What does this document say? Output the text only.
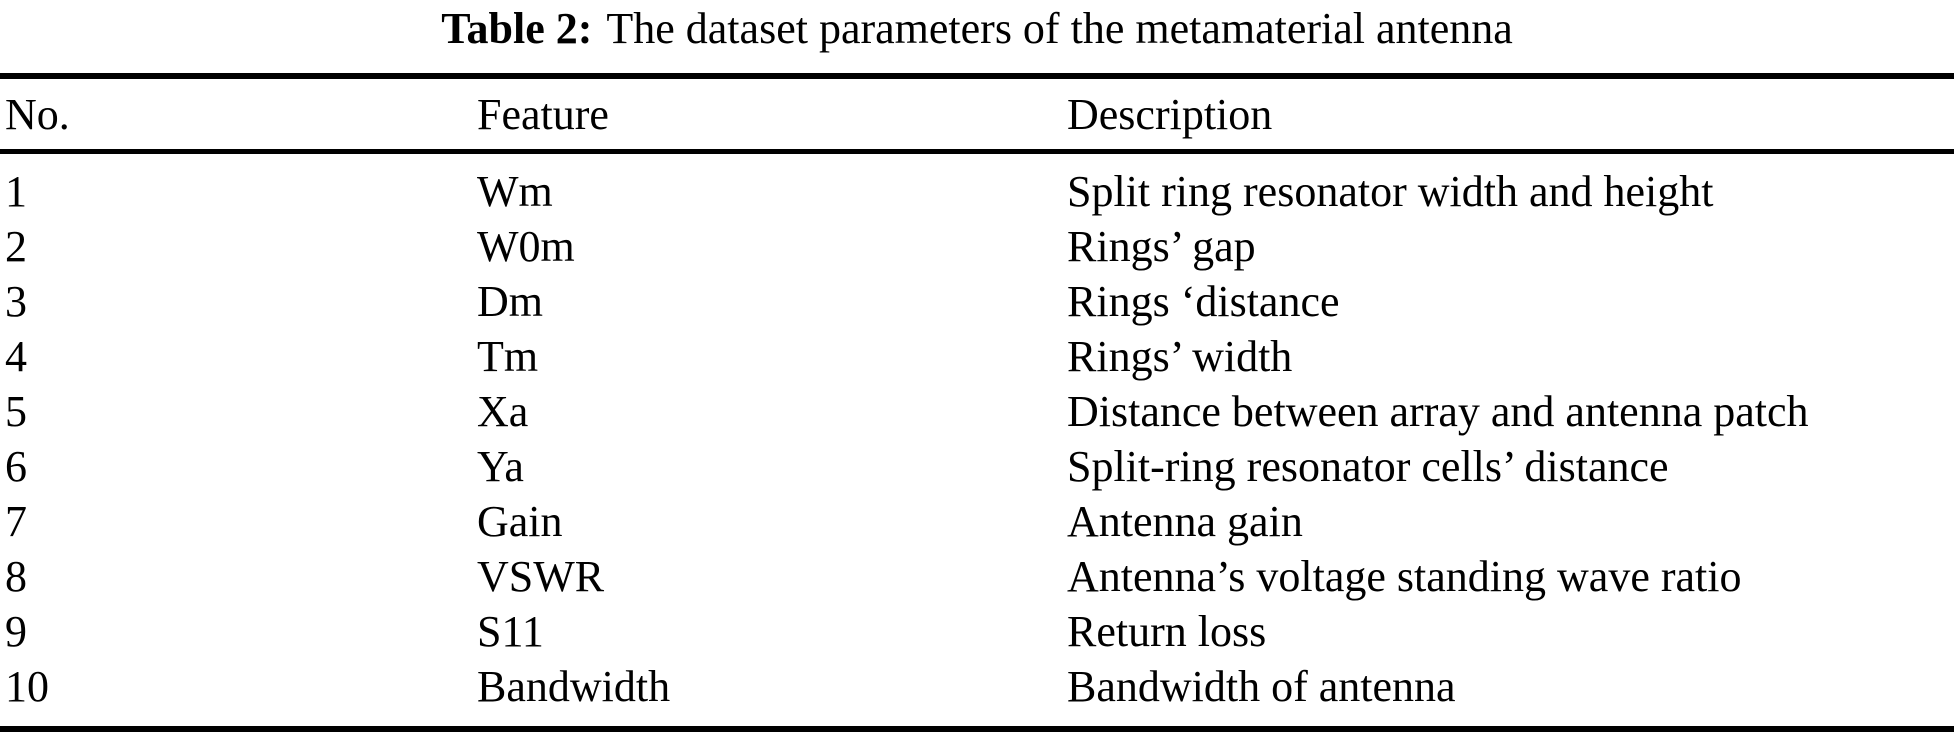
Table 2: The dataset parameters of the metamaterial antenna
No.	Feature	Description
1	Wm	Split ring resonator width and height
2	W0m	Rings’ gap
3	Dm	Rings ‘distance
4	Tm	Rings’ width
5	Xa	Distance between array and antenna patch
6	Ya	Split-ring resonator cells’ distance
7	Gain	Antenna gain
8	VSWR	Antenna’s voltage standing wave ratio
9	S11	Return loss
10	Bandwidth	Bandwidth of antenna
